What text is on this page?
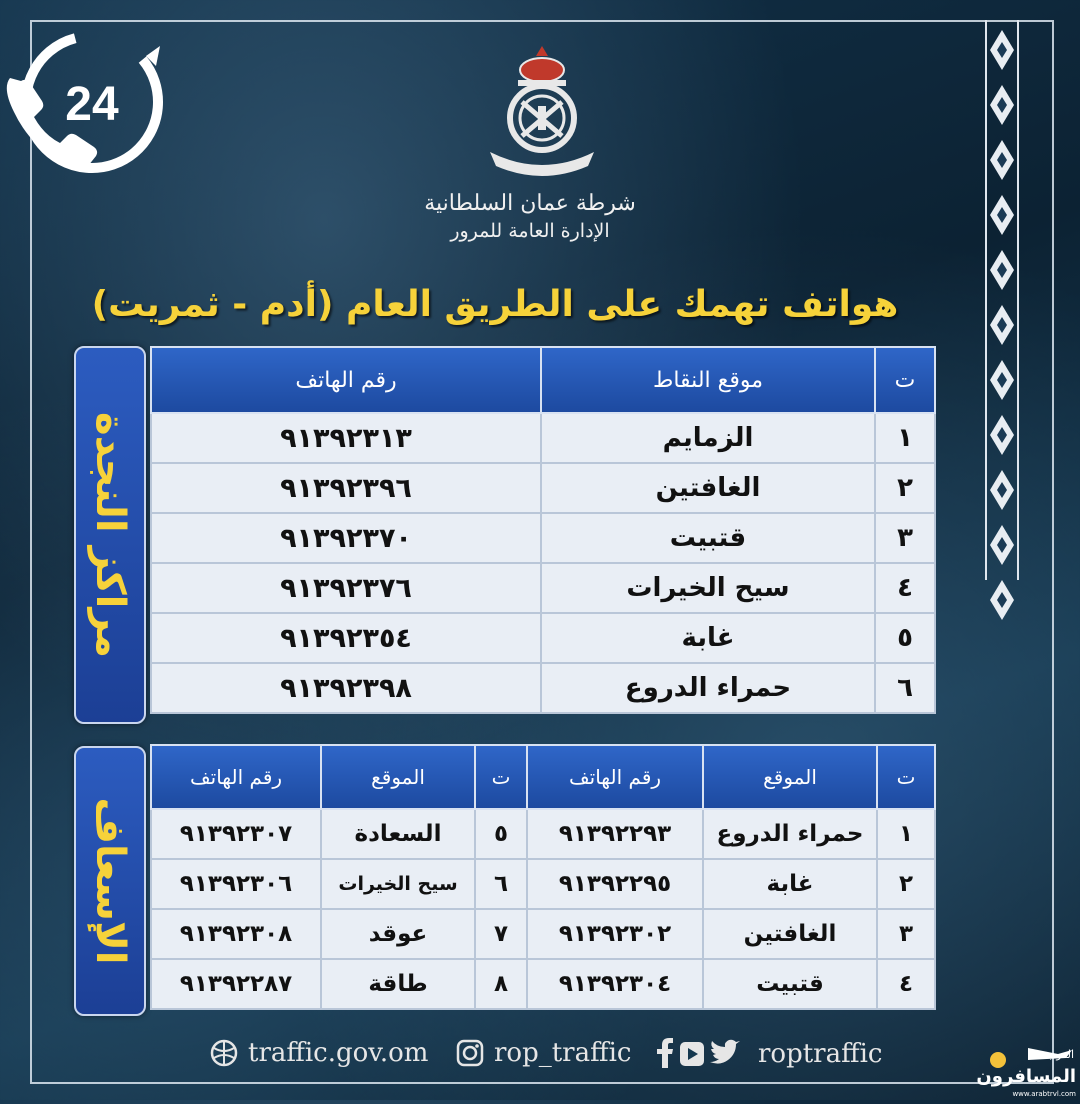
24
شرطة عمان السلطانية
الإدارة العامة للمرور
هواتف تهمك على الطريق العام (أدم - ثمريت)
مراكز النجدة
الإسعاف
ت	موقع النقاط	رقم الهاتف
١	الزمايم	٩١٣٩٢٣١٣
٢	الغافتين	٩١٣٩٢٣٩٦
٣	قتبيت	٩١٣٩٢٣٧٠
٤	سيح الخيرات	٩١٣٩٢٣٧٦
٥	غابة	٩١٣٩٢٣٥٤
٦	حمراء الدروع	٩١٣٩٢٣٩٨
ت	الموقع	رقم الهاتف	ت	الموقع	رقم الهاتف
١	حمراء الدروع	٩١٣٩٢٢٩٣	٥	السعادة	٩١٣٩٢٣٠٧
٢	غابة	٩١٣٩٢٢٩٥	٦	سيح الخيرات	٩١٣٩٢٣٠٦
٣	الغافتين	٩١٣٩٢٣٠٢	٧	عوقد	٩١٣٩٢٣٠٨
٤	قتبيت	٩١٣٩٢٣٠٤	٨	طاقة	٩١٣٩٢٢٨٧
traffic.gov.om	rop_traffic	roptraffic	العرب
المسافرون
www.arabtrvl.com
